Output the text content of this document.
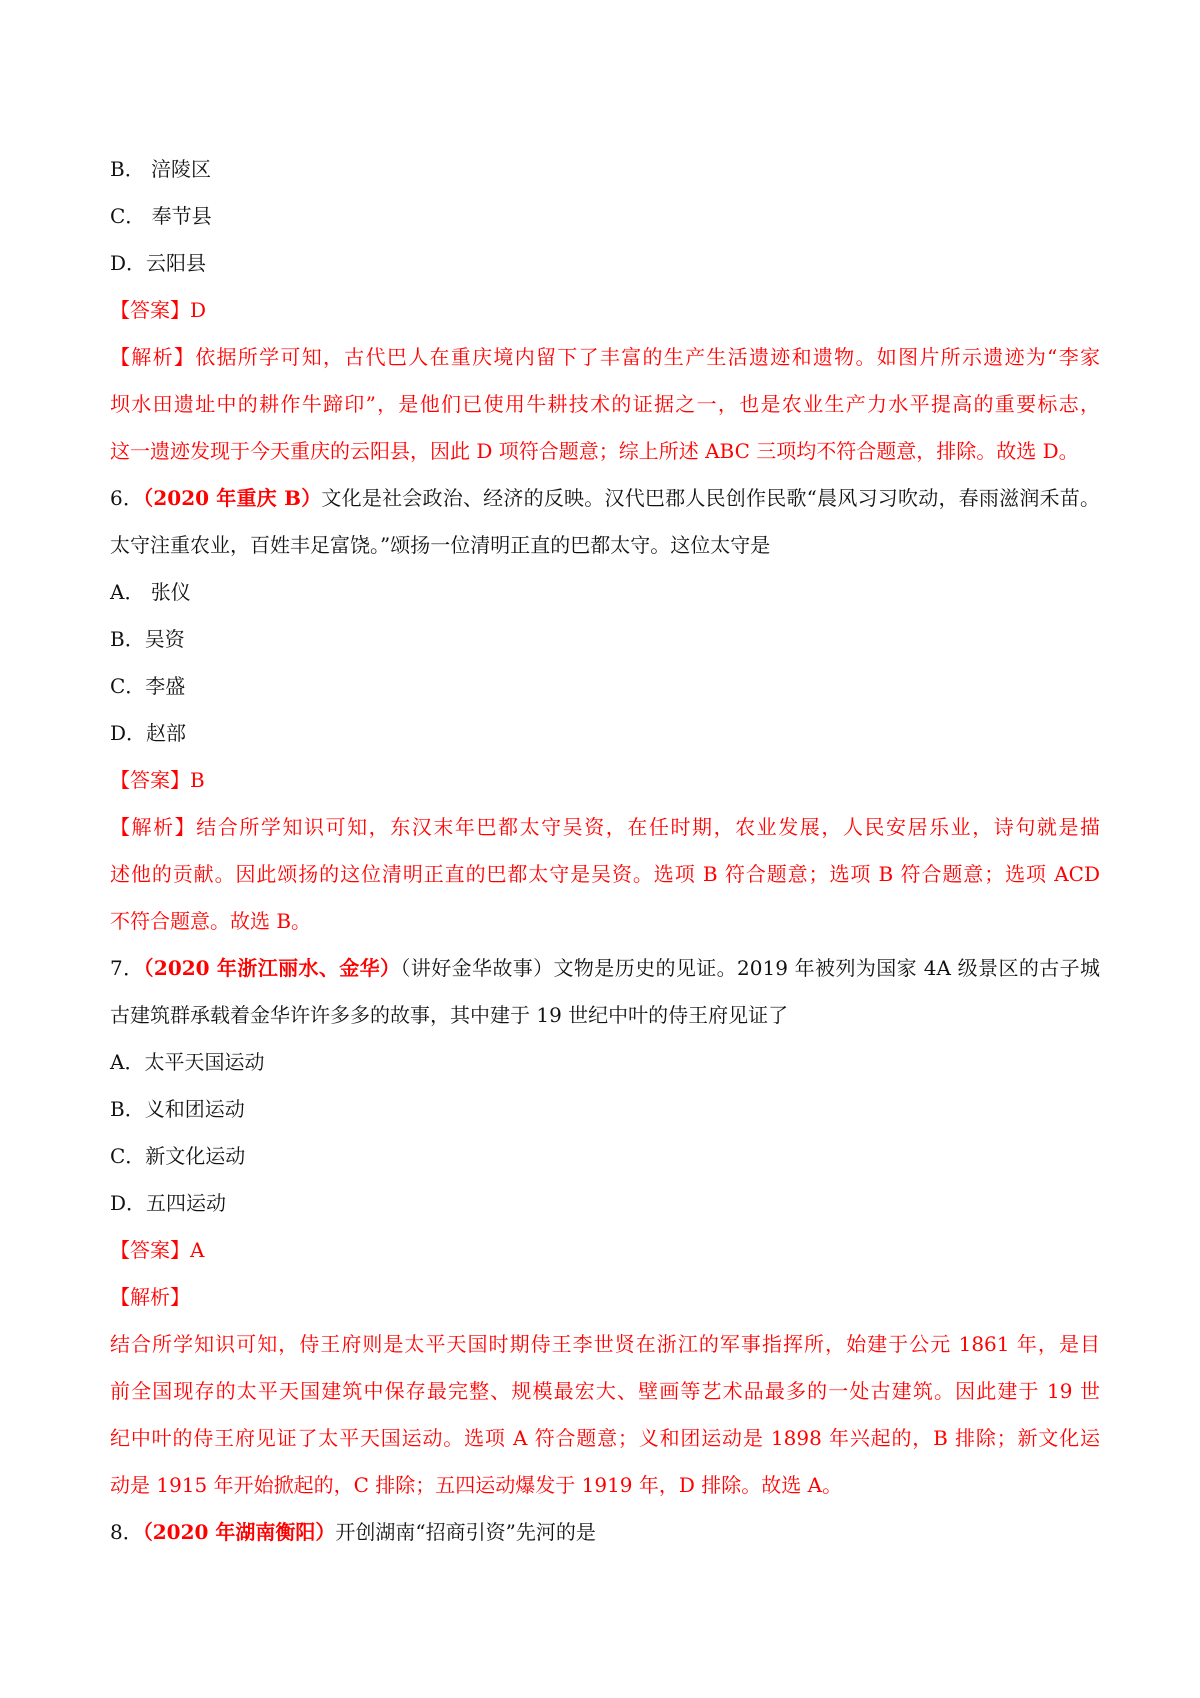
B． 涪陵区
C． 奉节县
D．云阳县
【答案】D
【解析】依据所学可知，古代巴人在重庆境内留下了丰富的生产生活遗迹和遗物。如图片所示遗迹为“李家
坝水田遗址中的耕作牛蹄印”，是他们已使用牛耕技术的证据之一，也是农业生产力水平提高的重要标志，
这一遗迹发现于今天重庆的云阳县，因此 D 项符合题意；综上所述 ABC 三项均不符合题意，排除。故选 D。
6．（2020 年重庆 B）文化是社会政治、经济的反映。汉代巴郡人民创作民歌“晨风习习吹动，春雨滋润禾苗。
太守注重农业，百姓丰足富饶。”颂扬一位清明正直的巴都太守。这位太守是
A． 张仪
B．吴资
C．李盛
D．赵部
【答案】B
【解析】结合所学知识可知，东汉末年巴都太守吴资，在任时期，农业发展，人民安居乐业，诗句就是描
述他的贡献。因此颂扬的这位清明正直的巴都太守是吴资。选项 B 符合题意；选项 B 符合题意；选项 ACD
不符合题意。故选 B。
7．（2020 年浙江丽水、金华）（讲好金华故事）文物是历史的见证。2019 年被列为国家 4A 级景区的古子城
古建筑群承载着金华许许多多的故事，其中建于 19 世纪中叶的侍王府见证了
A．太平天国运动
B．义和团运动
C．新文化运动
D．五四运动
【答案】A
【解析】
结合所学知识可知，侍王府则是太平天国时期侍王李世贤在浙江的军事指挥所，始建于公元 1861 年，是目
前全国现存的太平天国建筑中保存最完整、规模最宏大、壁画等艺术品最多的一处古建筑。因此建于 19 世
纪中叶的侍王府见证了太平天国运动。选项 A 符合题意；义和团运动是 1898 年兴起的，B 排除；新文化运
动是 1915 年开始掀起的，C 排除；五四运动爆发于 1919 年，D 排除。故选 A。
8．（2020 年湖南衡阳）开创湖南“招商引资”先河的是
